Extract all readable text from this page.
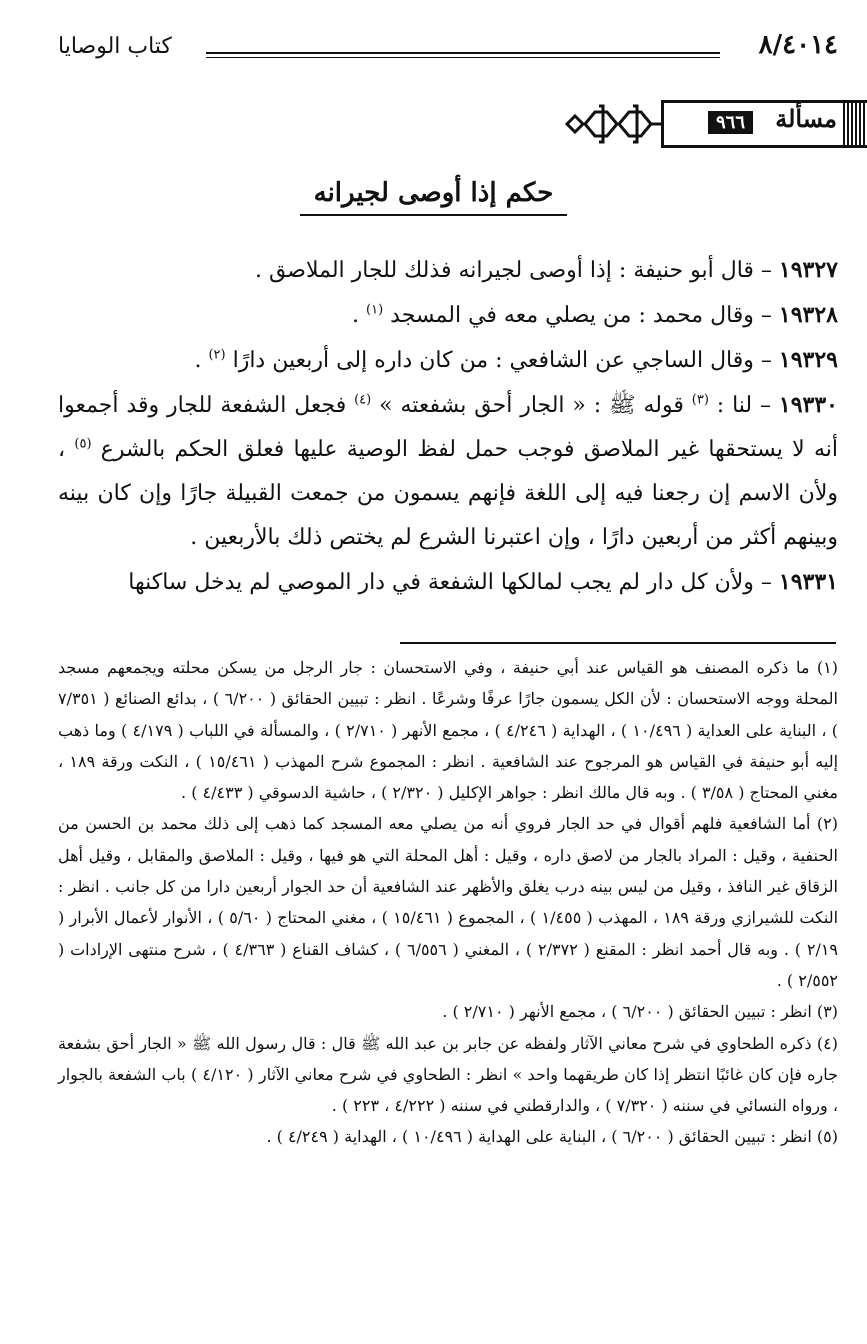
٨/٤٠١٤
كتاب الوصايا
مسألة
٩٦٦
حكم إذا أوصى لجيرانه

١٩٣٢٧ – قال أبو حنيفة : إذا أوصى لجيرانه فذلك للجار الملاصق .

١٩٣٢٨ – وقال محمد : من يصلي معه في المسجد $^{(١)}$ .

١٩٣٢٩ – وقال الساجي عن الشافعي : من كان داره إلى أربعين دارًا $^{(٢)}$ .

١٩٣٣٠ – لنا : $^{(٣)}$ قوله ﷺ : « الجار أحق بشفعته » $^{(٤)}$ فجعل الشفعة للجار وقد أجمعوا أنه لا يستحقها غير الملاصق فوجب حمل لفظ الوصية عليها فعلق الحكم بالشرع $^{(٥)}$ ، ولأن الاسم إن رجعنا فيه إلى اللغة فإنهم يسمون من جمعت القبيلة جارًا وإن كان بينه وبينهم أكثر من أربعين دارًا ، وإن اعتبرنا الشرع لم يختص ذلك بالأربعين .

١٩٣٣١ – ولأن كل دار لم يجب لمالكها الشفعة في دار الموصي لم يدخل ساكنها

(١) ما ذكره المصنف هو القياس عند أبي حنيفة ، وفي الاستحسان : جار الرجل من يسكن محلته ويجمعهم مسجد المحلة ووجه الاستحسان : لأن الكل يسمون جارًا عرفًا وشرعًا . انظر : تبيين الحقائق ( ٦/٢٠٠ ) ، بدائع الصنائع ( ٧/٣٥١ ) ، البناية على العداية ( ١٠/٤٩٦ ) ، الهداية ( ٤/٢٤٦ ) ، مجمع الأنهر ( ٢/٧١٠ ) ، والمسألة في اللباب ( ٤/١٧٩ ) وما ذهب إليه أبو حنيفة في القياس هو المرجوح عند الشافعية . انظر : المجموع شرح المهذب ( ١٥/٤٦١ ) ، النكت ورقة ١٨٩ ، مغني المحتاج ( ٣/٥٨ ) . وبه قال مالك انظر : جواهر الإكليل ( ٢/٣٢٠ ) ، حاشية الدسوقي ( ٤/٤٣٣ ) .

(٢) أما الشافعية فلهم أقوال في حد الجار فروي أنه من يصلي معه المسجد كما ذهب إلى ذلك محمد بن الحسن من الحنفية ، وقيل : المراد بالجار من لاصق داره ، وقيل : أهل المحلة التي هو فيها ، وقيل : الملاصق والمقابل ، وقيل أهل الزقاق غير النافذ ، وقيل من ليس بينه درب يغلق والأظهر عند الشافعية أن حد الجوار أربعين دارا من كل جانب . انظر : النكت للشيرازي ورقة ١٨٩ ، المهذب ( ١/٤٥٥ ) ، المجموع ( ١٥/٤٦١ ) ، مغني المحتاج ( ٥/٦٠ ) ، الأنوار لأعمال الأبرار ( ٢/١٩ ) . وبه قال أحمد انظر : المقنع ( ٢/٣٧٢ ) ، المغني ( ٦/٥٥٦ ) ، كشاف القناع ( ٤/٣٦٣ ) ، شرح منتهى الإرادات ( ٢/٥٥٢ ) .

(٣) انظر : تبيين الحقائق ( ٦/٢٠٠ ) ، مجمع الأنهر ( ٢/٧١٠ ) .

(٤) ذكره الطحاوي في شرح معاني الآثار ولفظه عن جابر بن عبد الله ﷺ قال : قال رسول الله ﷺ « الجار أحق بشفعة جاره فإن كان غائبًا انتظر إذا كان طريقهما واحد » انظر : الطحاوي في شرح معاني الآثار ( ٤/١٢٠ ) باب الشفعة بالجوار ، ورواه النسائي في سننه ( ٧/٣٢٠ ) ، والدارقطني في سننه ( ٤/٢٢٢ ، ٢٢٣ ) .

(٥) انظر : تبيين الحقائق ( ٦/٢٠٠ ) ، البناية على الهداية ( ١٠/٤٩٦ ) ، الهداية ( ٤/٢٤٩ ) .
